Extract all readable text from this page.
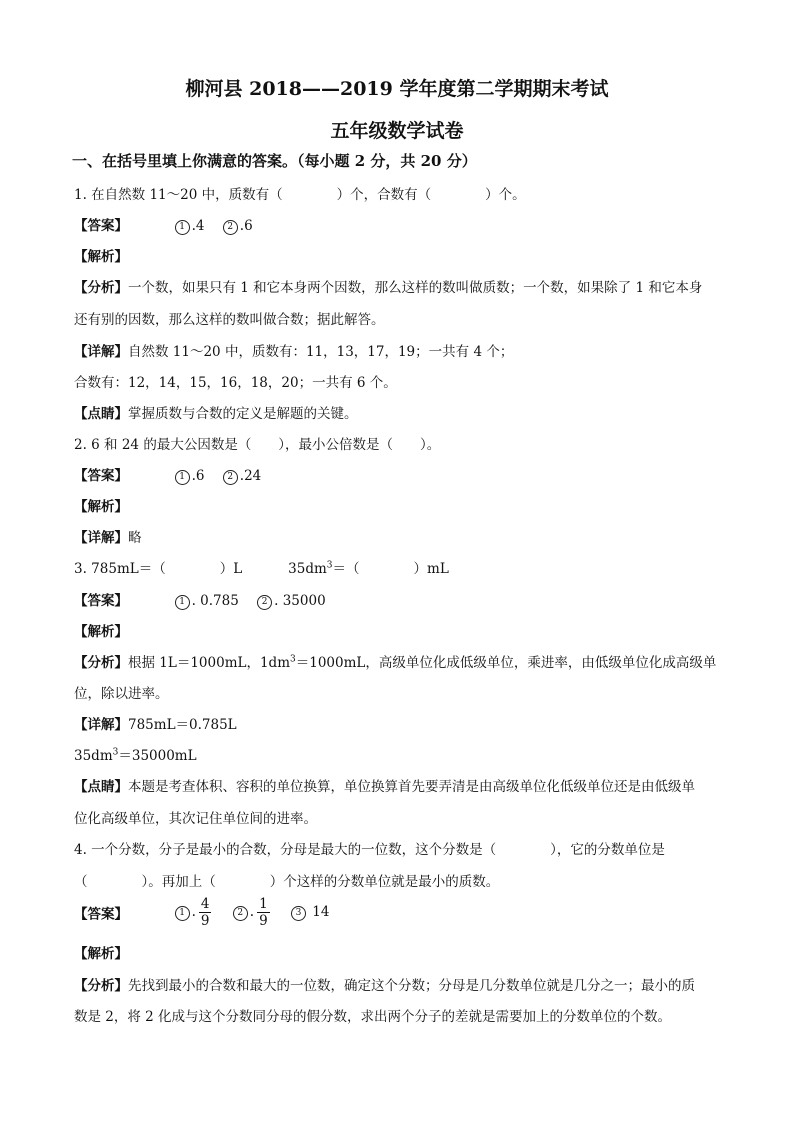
柳河县 2018——2019 学年度第二学期期末考试
五年级数学试卷
一、在括号里填上你满意的答案。（每小题 2 分，共 20 分）
1. 在自然数 11～20 中，质数有（　　　　）个，合数有（　　　　）个。
【答案】	1 .4	2 .6
【解析】
【分析】一个数，如果只有 1 和它本身两个因数，那么这样的数叫做质数；一个数，如果除了 1 和它本身
还有别的因数，那么这样的数叫做合数；据此解答。
【详解】自然数 11～20 中，质数有：11，13，17，19；一共有 4 个；
合数有：12，14，15，16，18，20；一共有 6 个。
【点睛】掌握质数与合数的定义是解题的关键。
2. 6 和 24 的最大公因数是（　　），最小公倍数是（　　）。
【答案】	1 .6	2 .24
【解析】
【详解】略
3. 785mL＝（　　　　）L	$35dm^3=$（　　　　）mL
【答案】	1 . 0.785	2 . 35000
【解析】
【分析】根据 1L＝1000mL，$1dm^3=1000mL$，高级单位化成低级单位，乘进率，由低级单位化成高级单
位，除以进率。
【详解】785mL＝0.785L
$35dm^3=35000mL$
【点睛】本题是考查体积、容积的单位换算，单位换算首先要弄清是由高级单位化低级单位还是由低级单
位化高级单位，其次记住单位间的进率。
4. 一个分数，分子是最小的合数，分母是最大的一位数，这个分数是（　　　　），它的分数单位是
（　　　　）。再加上（　　　　）个这样的分数单位就是最小的质数。
【答案】	1 . $\frac{4}{9}$	2 . $\frac{1}{9}$	3 14
【解析】
【分析】先找到最小的合数和最大的一位数，确定这个分数；分母是几分数单位就是几分之一；最小的质
数是 2，将 2 化成与这个分数同分母的假分数，求出两个分子的差就是需要加上的分数单位的个数。
